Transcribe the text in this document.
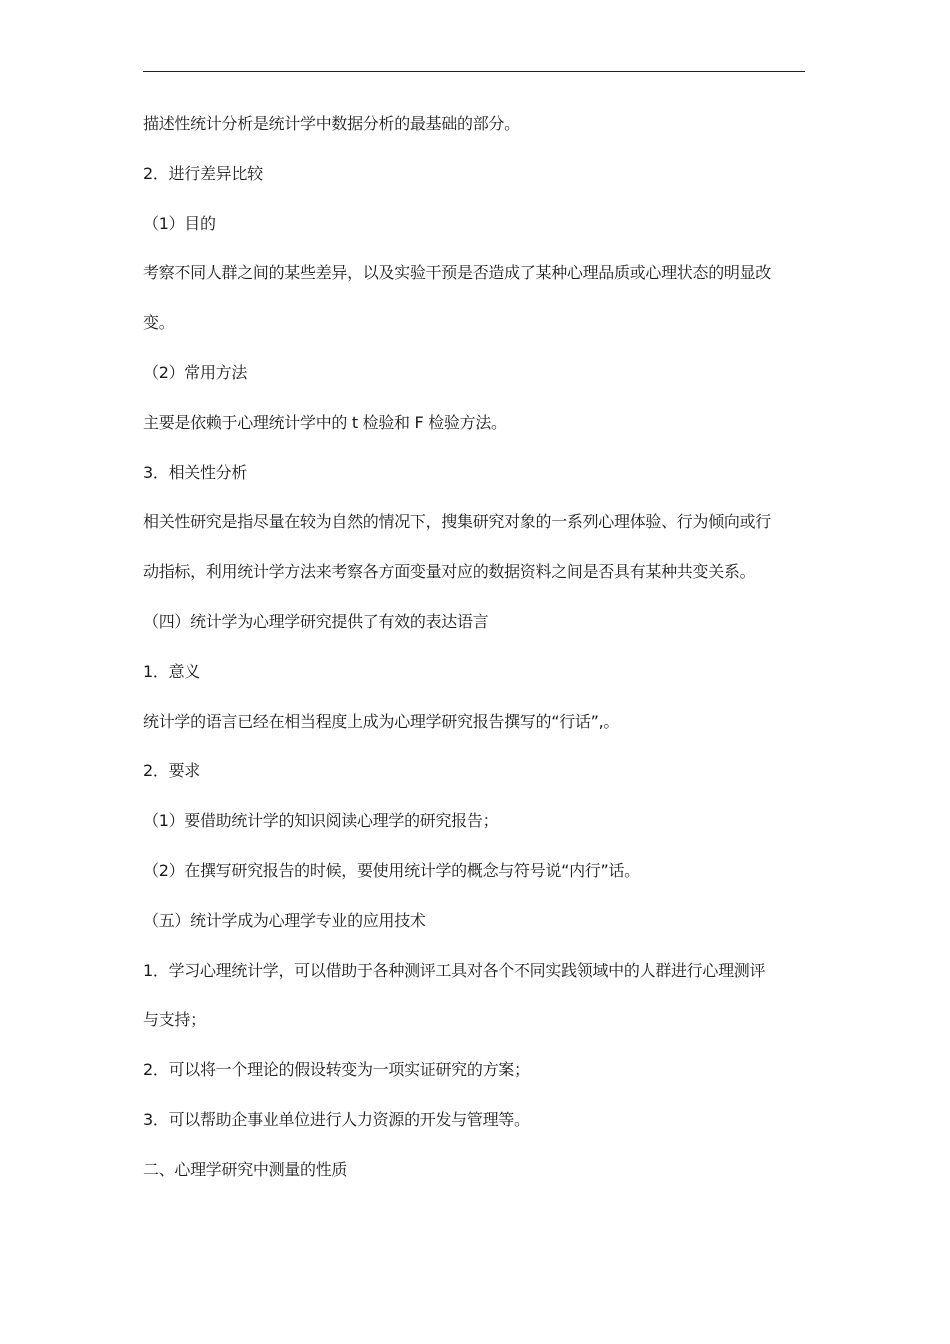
描述性统计分析是统计学中数据分析的最基础的部分。
2．进行差异比较
（1）目的
考察不同人群之间的某些差异，以及实验干预是否造成了某种心理品质或心理状态的明显改
变。
（2）常用方法
主要是依赖于心理统计学中的 t 检验和 F 检验方法。
3．相关性分析
相关性研究是指尽量在较为自然的情况下，搜集研究对象的一系列心理体验、行为倾向或行
动指标，利用统计学方法来考察各方面变量对应的数据资料之间是否具有某种共变关系。
（四）统计学为心理学研究提供了有效的表达语言
1．意义
统计学的语言已经在相当程度上成为心理学研究报告撰写的“行话”,。
2．要求
（1）要借助统计学的知识阅读心理学的研究报告；
（2）在撰写研究报告的时候，要使用统计学的概念与符号说“内行”话。
（五）统计学成为心理学专业的应用技术
1．学习心理统计学，可以借助于各种测评工具对各个不同实践领域中的人群进行心理测评
与支持；
2．可以将一个理论的假设转变为一项实证研究的方案；
3．可以帮助企事业单位进行人力资源的开发与管理等。
二、心理学研究中测量的性质
